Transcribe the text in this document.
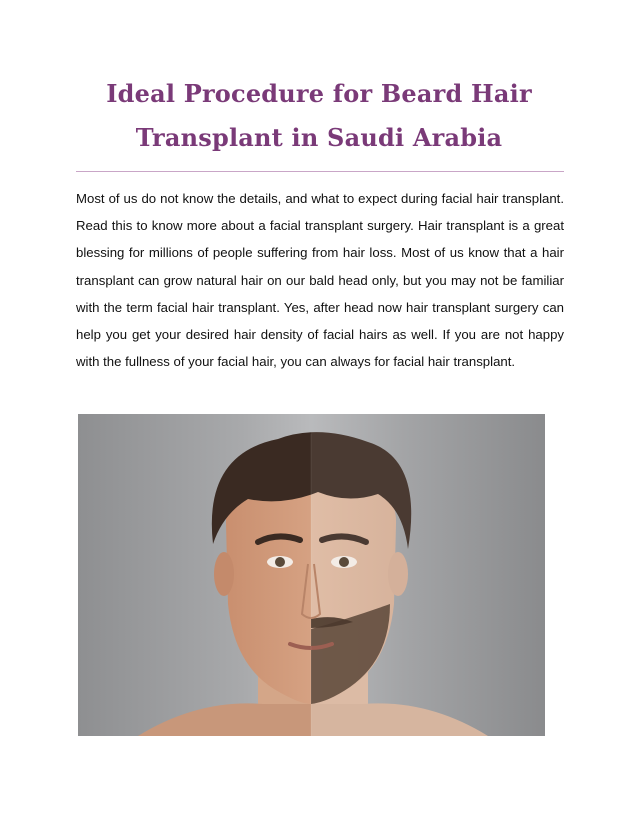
Ideal Procedure for Beard Hair
Transplant in Saudi Arabia

Most of us do not know the details, and what to expect during facial hair transplant. Read this to know more about a facial transplant surgery. Hair transplant is a great blessing for millions of people suffering from hair loss. Most of us know that a hair transplant can grow natural hair on our bald head only, but you may not be familiar with the term facial hair transplant. Yes, after head now hair transplant surgery can help you get your desired hair density of facial hairs as well. If you are not happy with the fullness of your facial hair, you can always for facial hair transplant.
